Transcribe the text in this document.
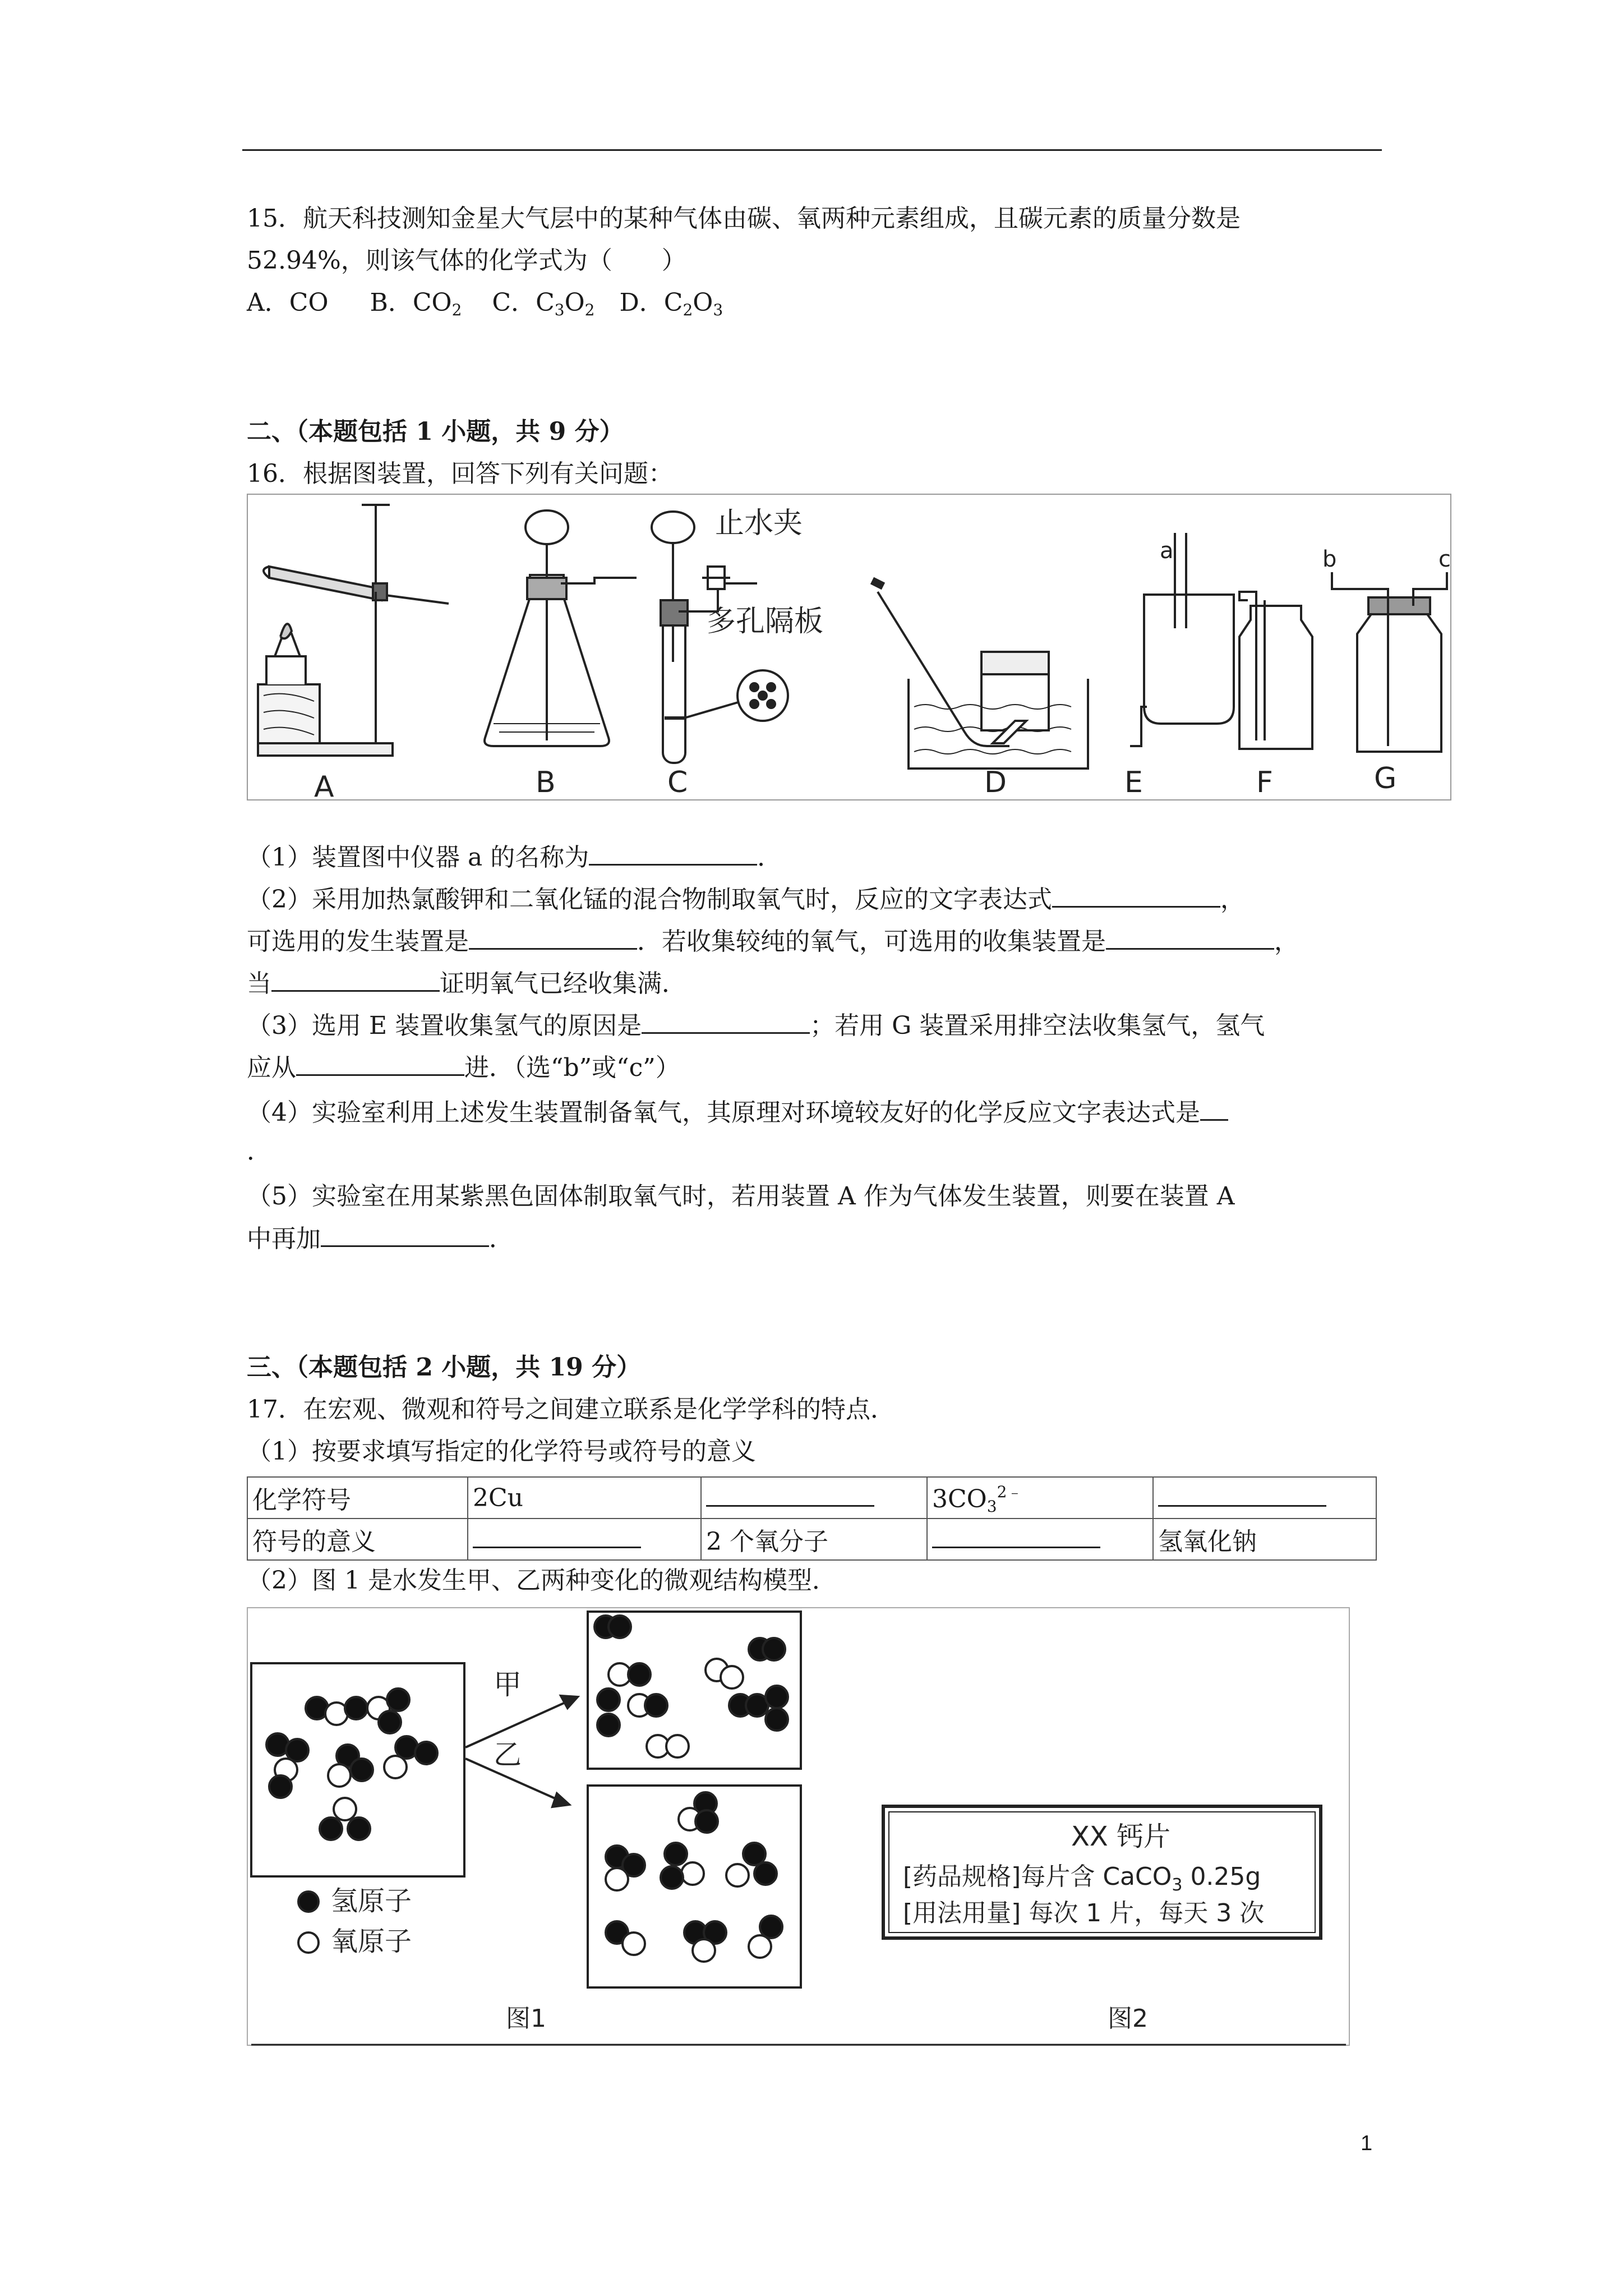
15．航天科技测知金星大气层中的某种气体由碳、氧两种元素组成，且碳元素的质量分数是
52.94%，则该气体的化学式为（　　）
A．CO B．$CO_2$ C．$C_3O_2$ D．$C_2O_3$
二、（本题包括 1 小题，共 9 分）
16．根据图装置，回答下列有关问题：
A	B	C	D	E	F	G
止水夹
多孔隔板
a	b	c
（1）装置图中仪器 a 的名称为	．
（2）采用加热氯酸钾和二氧化锰的混合物制取氧气时，反应的文字表达式	，
可选用的发生装置是	．若收集较纯的氧气，可选用的收集装置是	，
当	证明氧气已经收集满．
（3）选用 E 装置收集氢气的原因是	；若用 G 装置采用排空法收集氢气，氢气
应从	进．（选“b”或“c”）
（4）实验室利用上述发生装置制备氧气，其原理对环境较友好的化学反应文字表达式是
．
（5）实验室在用某紫黑色固体制取氧气时，若用装置 A 作为气体发生装置，则要在装置 A
中再加	．
三、（本题包括 2 小题，共 19 分）
17．在宏观、微观和符号之间建立联系是化学学科的特点．
（1）按要求填写指定的化学符号或符号的意义
化学符号	2Cu		$3CO_3^{2﹣}$	
符号的意义		2 个氧分子		氢氧化钠
（2）图 1 是水发生甲、乙两种变化的微观结构模型．
甲
乙
氢原子
氧原子
图1	图2
XX 钙片
[药品规格]每片含 CaCO$_3$ 0.25g
[用法用量] 每次 1 片，每天 3 次
1
